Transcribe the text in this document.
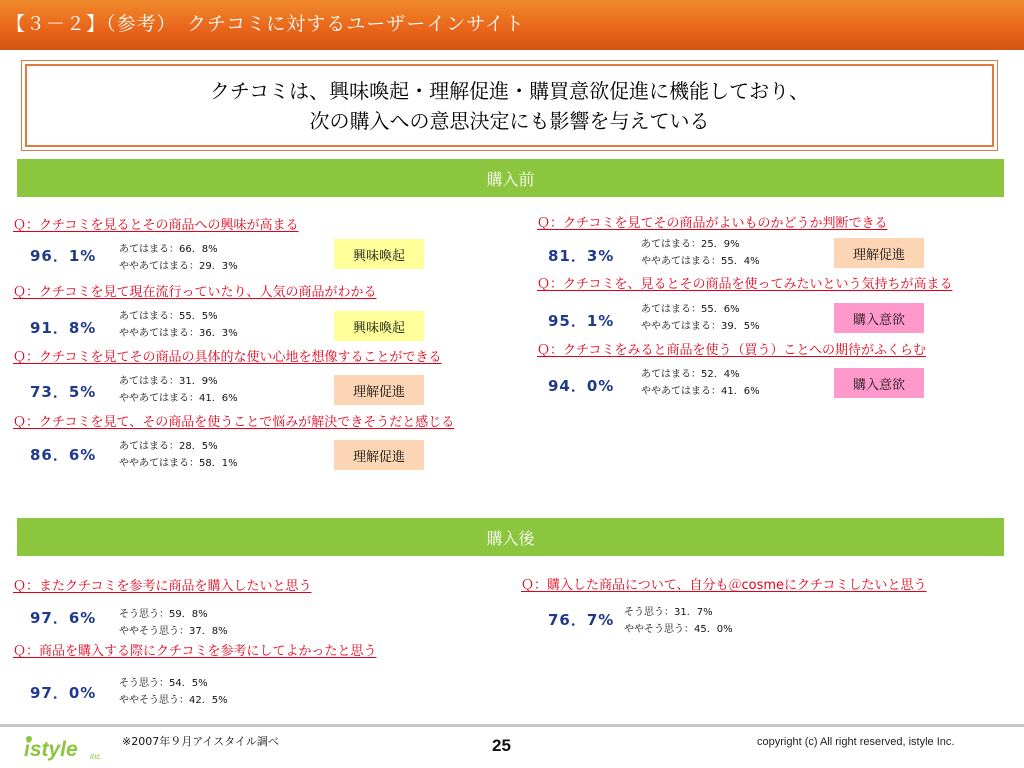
【３－２】（参考）　クチコミに対するユーザーインサイト
クチコミは、興味喚起・理解促進・購買意欲促進に機能しており、
次の購入への意思決定にも影響を与えている
購入前
Ｑ：クチコミを見るとその商品への興味が高まる
96．1% あてはまる：66．8%
ややあてはまる：29．3%
興味喚起
Ｑ：クチコミを見て現在流行っていたり、人気の商品がわかる
91．8%
あてはまる：55．5%
ややあてはまる：36．3%	興味喚起
Ｑ：クチコミを見てその商品の具体的な使い心地を想像することができる
73．5%
あてはまる：31．9%
ややあてはまる：41．6%	理解促進
Ｑ：クチコミを見て、その商品を使うことで悩みが解決できそうだと感じる
86．6% あてはまる：28．5%
ややあてはまる：58．1%	理解促進
Ｑ：クチコミを見てその商品がよいものかどうか判断できる
81．3%
あてはまる：25．9%
ややあてはまる：55．4%	理解促進
Ｑ：クチコミを、見るとその商品を使ってみたいという気持ちが高まる
95．1%
あてはまる：55．6%
ややあてはまる：39．5%	購入意欲
Ｑ：クチコミをみると商品を使う（買う）ことへの期待がふくらむ
94．0%
あてはまる：52．4%
ややあてはまる：41．6%	購入意欲
購入後
Ｑ：またクチコミを参考に商品を購入したいと思う
97．6% そう思う：59．8%
ややそう思う：37．8%
Ｑ：商品を購入する際にクチコミを参考にしてよかったと思う
97．0%
そう思う：54．5%
ややそう思う：42．5%
Ｑ：購入した商品について、自分も＠cosmeにクチコミしたいと思う
76．7% そう思う：31．7%
ややそう思う：45．0%
istyle inc.
※2007年９月アイスタイル調べ	25	copyright (c) All right reserved, istyle Inc.
